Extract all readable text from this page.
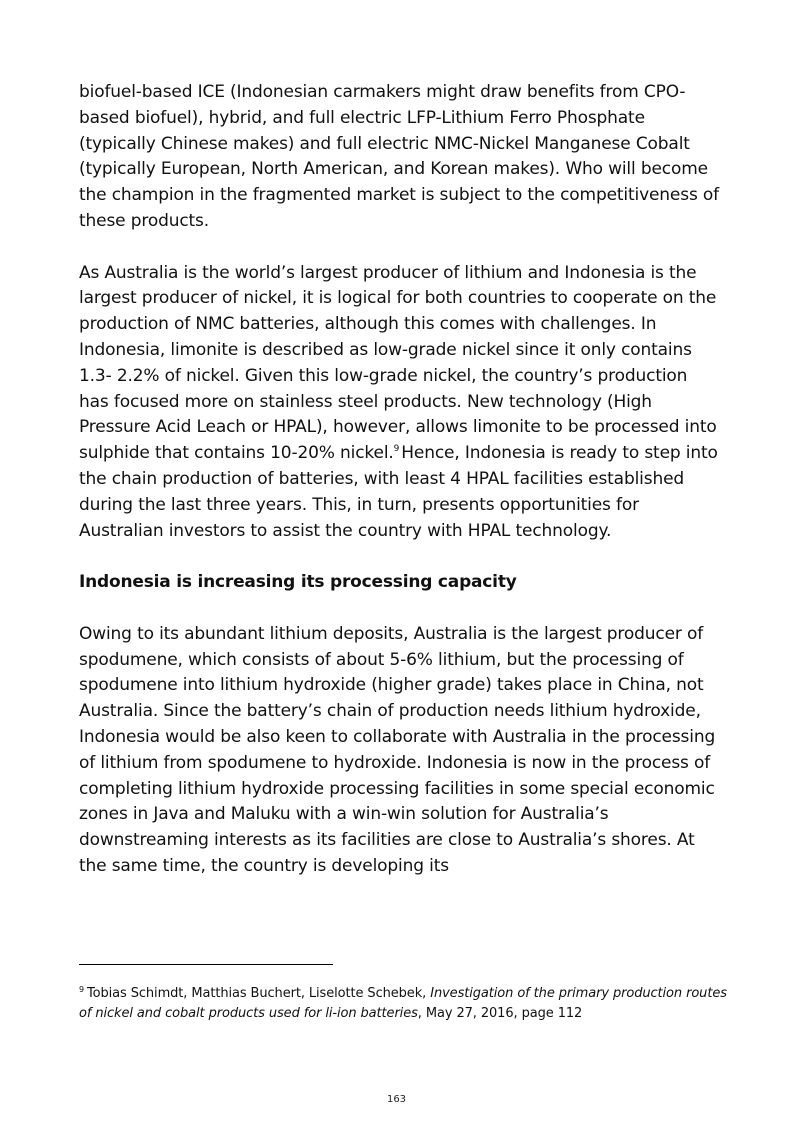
biofuel-based ICE (Indonesian carmakers might draw benefits from CPO-based biofuel), hybrid, and full electric LFP-Lithium Ferro Phosphate (typically Chinese makes) and full electric NMC-Nickel Manganese Cobalt (typically European, North American, and Korean makes). Who will become the champion in the fragmented market is subject to the competitiveness of these products.

As Australia is the world’s largest producer of lithium and Indonesia is the largest producer of nickel, it is logical for both countries to cooperate on the production of NMC batteries, although this comes with challenges. In Indonesia, limonite is described as low-grade nickel since it only contains 1.3- 2.2% of nickel. Given this low-grade nickel, the country’s production has focused more on stainless steel products. New technology (High Pressure Acid Leach or HPAL), however, allows limonite to be processed into sulphide that contains 10-20% nickel.$^9$ Hence, Indonesia is ready to step into the chain production of batteries, with least 4 HPAL facilities established during the last three years. This, in turn, presents opportunities for Australian investors to assist the country with HPAL technology.

Indonesia is increasing its processing capacity

Owing to its abundant lithium deposits, Australia is the largest producer of spodumene, which consists of about 5-6% lithium, but the processing of spodumene into lithium hydroxide (higher grade) takes place in China, not Australia. Since the battery’s chain of production needs lithium hydroxide, Indonesia would be also keen to collaborate with Australia in the processing of lithium from spodumene to hydroxide. Indonesia is now in the process of completing lithium hydroxide processing facilities in some special economic zones in Java and Maluku with a win-win solution for Australia’s downstreaming interests as its facilities are close to Australia’s shores. At the same time, the country is developing its

$^9$ Tobias Schimdt, Matthias Buchert, Liselotte Schebek, Investigation of the primary production routes of nickel and cobalt products used for li-ion batteries, May 27, 2016, page 112
163
